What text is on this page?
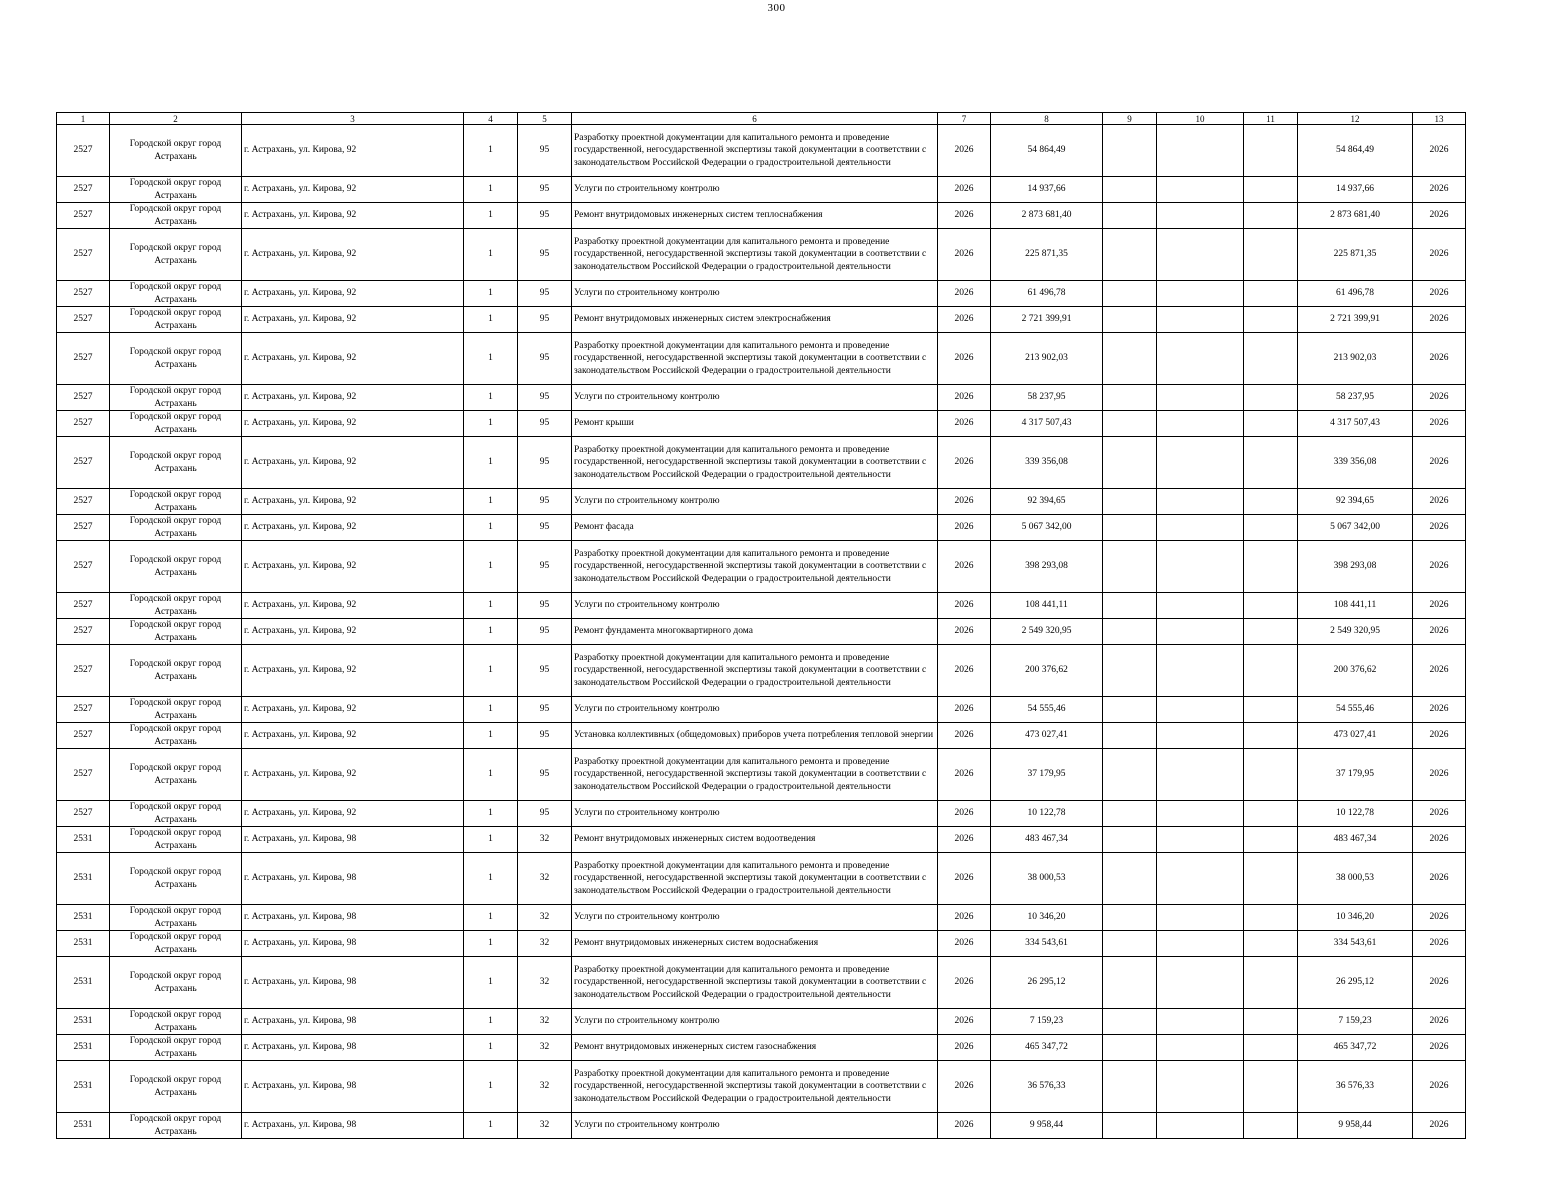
300
1	2	3	4	5	6	7	8	9	10	11	12	13
2527	Городской округ город Астрахань	г. Астрахань, ул. Кирова, 92	1	95	Разработку проектной документации для капитального ремонта и проведение государственной, негосударственной экспертизы такой документации в соответствии с законодательством Российской Федерации о градостроительной деятельности	2026	54 864,49				54 864,49	2026
2527	Городской округ город Астрахань	г. Астрахань, ул. Кирова, 92	1	95	Услуги по строительному контролю	2026	14 937,66				14 937,66	2026
2527	Городской округ город Астрахань	г. Астрахань, ул. Кирова, 92	1	95	Ремонт внутридомовых инженерных систем теплоснабжения	2026	2 873 681,40				2 873 681,40	2026
2527	Городской округ город Астрахань	г. Астрахань, ул. Кирова, 92	1	95	Разработку проектной документации для капитального ремонта и проведение государственной, негосударственной экспертизы такой документации в соответствии с законодательством Российской Федерации о градостроительной деятельности	2026	225 871,35				225 871,35	2026
2527	Городской округ город Астрахань	г. Астрахань, ул. Кирова, 92	1	95	Услуги по строительному контролю	2026	61 496,78				61 496,78	2026
2527	Городской округ город Астрахань	г. Астрахань, ул. Кирова, 92	1	95	Ремонт внутридомовых инженерных систем электроснабжения	2026	2 721 399,91				2 721 399,91	2026
2527	Городской округ город Астрахань	г. Астрахань, ул. Кирова, 92	1	95	Разработку проектной документации для капитального ремонта и проведение государственной, негосударственной экспертизы такой документации в соответствии с законодательством Российской Федерации о градостроительной деятельности	2026	213 902,03				213 902,03	2026
2527	Городской округ город Астрахань	г. Астрахань, ул. Кирова, 92	1	95	Услуги по строительному контролю	2026	58 237,95				58 237,95	2026
2527	Городской округ город Астрахань	г. Астрахань, ул. Кирова, 92	1	95	Ремонт крыши	2026	4 317 507,43				4 317 507,43	2026
2527	Городской округ город Астрахань	г. Астрахань, ул. Кирова, 92	1	95	Разработку проектной документации для капитального ремонта и проведение государственной, негосударственной экспертизы такой документации в соответствии с законодательством Российской Федерации о градостроительной деятельности	2026	339 356,08				339 356,08	2026
2527	Городской округ город Астрахань	г. Астрахань, ул. Кирова, 92	1	95	Услуги по строительному контролю	2026	92 394,65				92 394,65	2026
2527	Городской округ город Астрахань	г. Астрахань, ул. Кирова, 92	1	95	Ремонт фасада	2026	5 067 342,00				5 067 342,00	2026
2527	Городской округ город Астрахань	г. Астрахань, ул. Кирова, 92	1	95	Разработку проектной документации для капитального ремонта и проведение государственной, негосударственной экспертизы такой документации в соответствии с законодательством Российской Федерации о градостроительной деятельности	2026	398 293,08				398 293,08	2026
2527	Городской округ город Астрахань	г. Астрахань, ул. Кирова, 92	1	95	Услуги по строительному контролю	2026	108 441,11				108 441,11	2026
2527	Городской округ город Астрахань	г. Астрахань, ул. Кирова, 92	1	95	Ремонт фундамента многоквартирного дома	2026	2 549 320,95				2 549 320,95	2026
2527	Городской округ город Астрахань	г. Астрахань, ул. Кирова, 92	1	95	Разработку проектной документации для капитального ремонта и проведение государственной, негосударственной экспертизы такой документации в соответствии с законодательством Российской Федерации о градостроительной деятельности	2026	200 376,62				200 376,62	2026
2527	Городской округ город Астрахань	г. Астрахань, ул. Кирова, 92	1	95	Услуги по строительному контролю	2026	54 555,46				54 555,46	2026
2527	Городской округ город Астрахань	г. Астрахань, ул. Кирова, 92	1	95	Установка коллективных (общедомовых) приборов учета потребления тепловой энергии	2026	473 027,41				473 027,41	2026
2527	Городской округ город Астрахань	г. Астрахань, ул. Кирова, 92	1	95	Разработку проектной документации для капитального ремонта и проведение государственной, негосударственной экспертизы такой документации в соответствии с законодательством Российской Федерации о градостроительной деятельности	2026	37 179,95				37 179,95	2026
2527	Городской округ город Астрахань	г. Астрахань, ул. Кирова, 92	1	95	Услуги по строительному контролю	2026	10 122,78				10 122,78	2026
2531	Городской округ город Астрахань	г. Астрахань, ул. Кирова, 98	1	32	Ремонт внутридомовых инженерных систем водоотведения	2026	483 467,34				483 467,34	2026
2531	Городской округ город Астрахань	г. Астрахань, ул. Кирова, 98	1	32	Разработку проектной документации для капитального ремонта и проведение государственной, негосударственной экспертизы такой документации в соответствии с законодательством Российской Федерации о градостроительной деятельности	2026	38 000,53				38 000,53	2026
2531	Городской округ город Астрахань	г. Астрахань, ул. Кирова, 98	1	32	Услуги по строительному контролю	2026	10 346,20				10 346,20	2026
2531	Городской округ город Астрахань	г. Астрахань, ул. Кирова, 98	1	32	Ремонт внутридомовых инженерных систем водоснабжения	2026	334 543,61				334 543,61	2026
2531	Городской округ город Астрахань	г. Астрахань, ул. Кирова, 98	1	32	Разработку проектной документации для капитального ремонта и проведение государственной, негосударственной экспертизы такой документации в соответствии с законодательством Российской Федерации о градостроительной деятельности	2026	26 295,12				26 295,12	2026
2531	Городской округ город Астрахань	г. Астрахань, ул. Кирова, 98	1	32	Услуги по строительному контролю	2026	7 159,23				7 159,23	2026
2531	Городской округ город Астрахань	г. Астрахань, ул. Кирова, 98	1	32	Ремонт внутридомовых инженерных систем газоснабжения	2026	465 347,72				465 347,72	2026
2531	Городской округ город Астрахань	г. Астрахань, ул. Кирова, 98	1	32	Разработку проектной документации для капитального ремонта и проведение государственной, негосударственной экспертизы такой документации в соответствии с законодательством Российской Федерации о градостроительной деятельности	2026	36 576,33				36 576,33	2026
2531	Городской округ город Астрахань	г. Астрахань, ул. Кирова, 98	1	32	Услуги по строительному контролю	2026	9 958,44				9 958,44	2026
